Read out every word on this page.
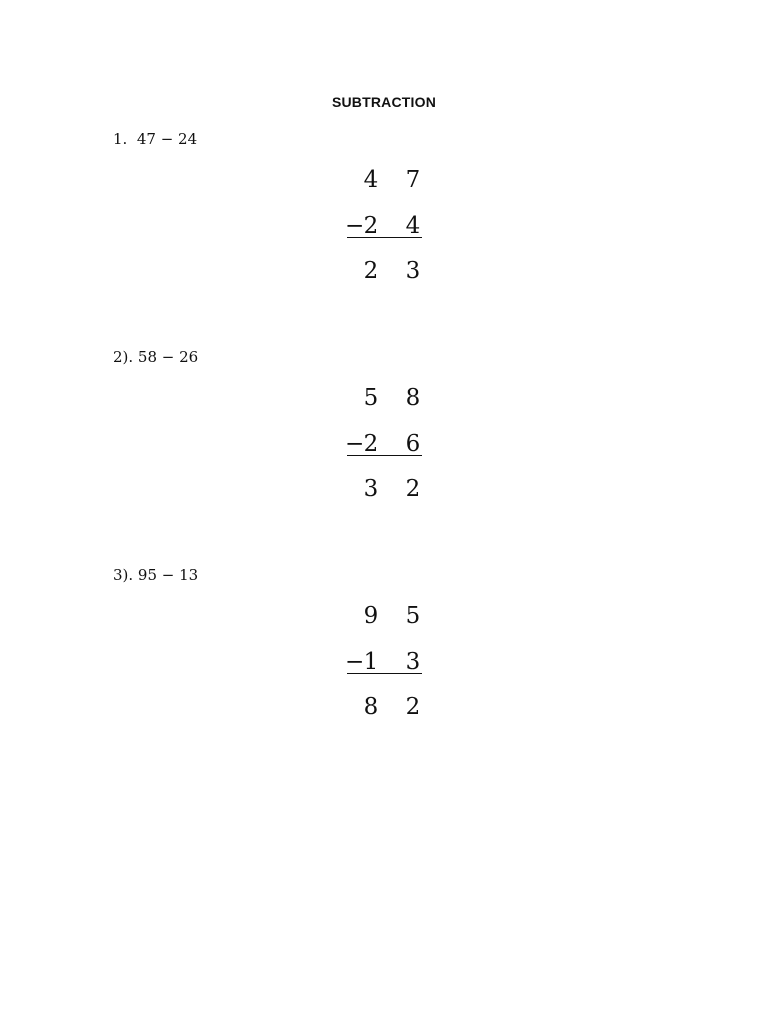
SUBTRACTION
1.  47 − 24
4 7
− 2 4
2 3
2). 58 − 26
5 8
− 2 6
3 2
3). 95 − 13
9 5
− 1 3
8 2
